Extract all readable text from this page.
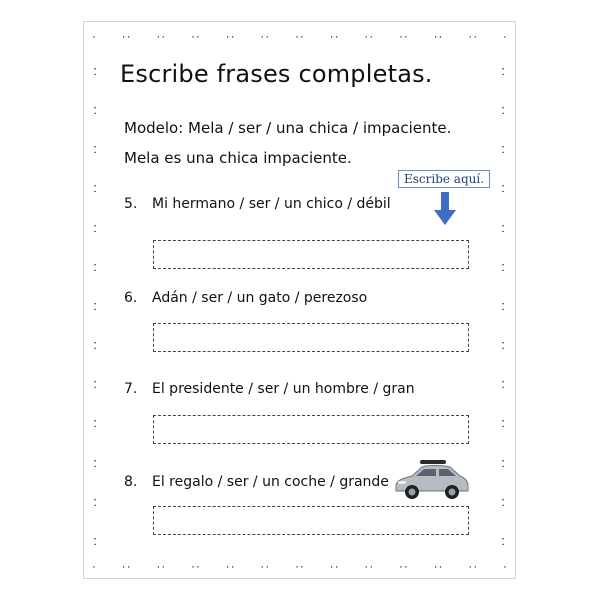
· ·· ·· ·· ·· ·· ·· ·· ·· ·· ·· ·· ·
· ·· ·· ·· ·· ·· ·· ·· ·· ·· ·· ·· ·
:
:
:
:
:
:
:
:
:
:
:
:
:
:
:
:
:
:
:
:
:
:
:
:
:
:
Escribe frases completas.
Modelo: Mela / ser / una chica / impaciente.
Mela es una chica impaciente.
Escribe aquí.
5. Mi hermano / ser / un chico / débil
6. Adán / ser / un gato / perezoso
7. El presidente / ser / un hombre / gran
8. El regalo / ser / un coche / grande
